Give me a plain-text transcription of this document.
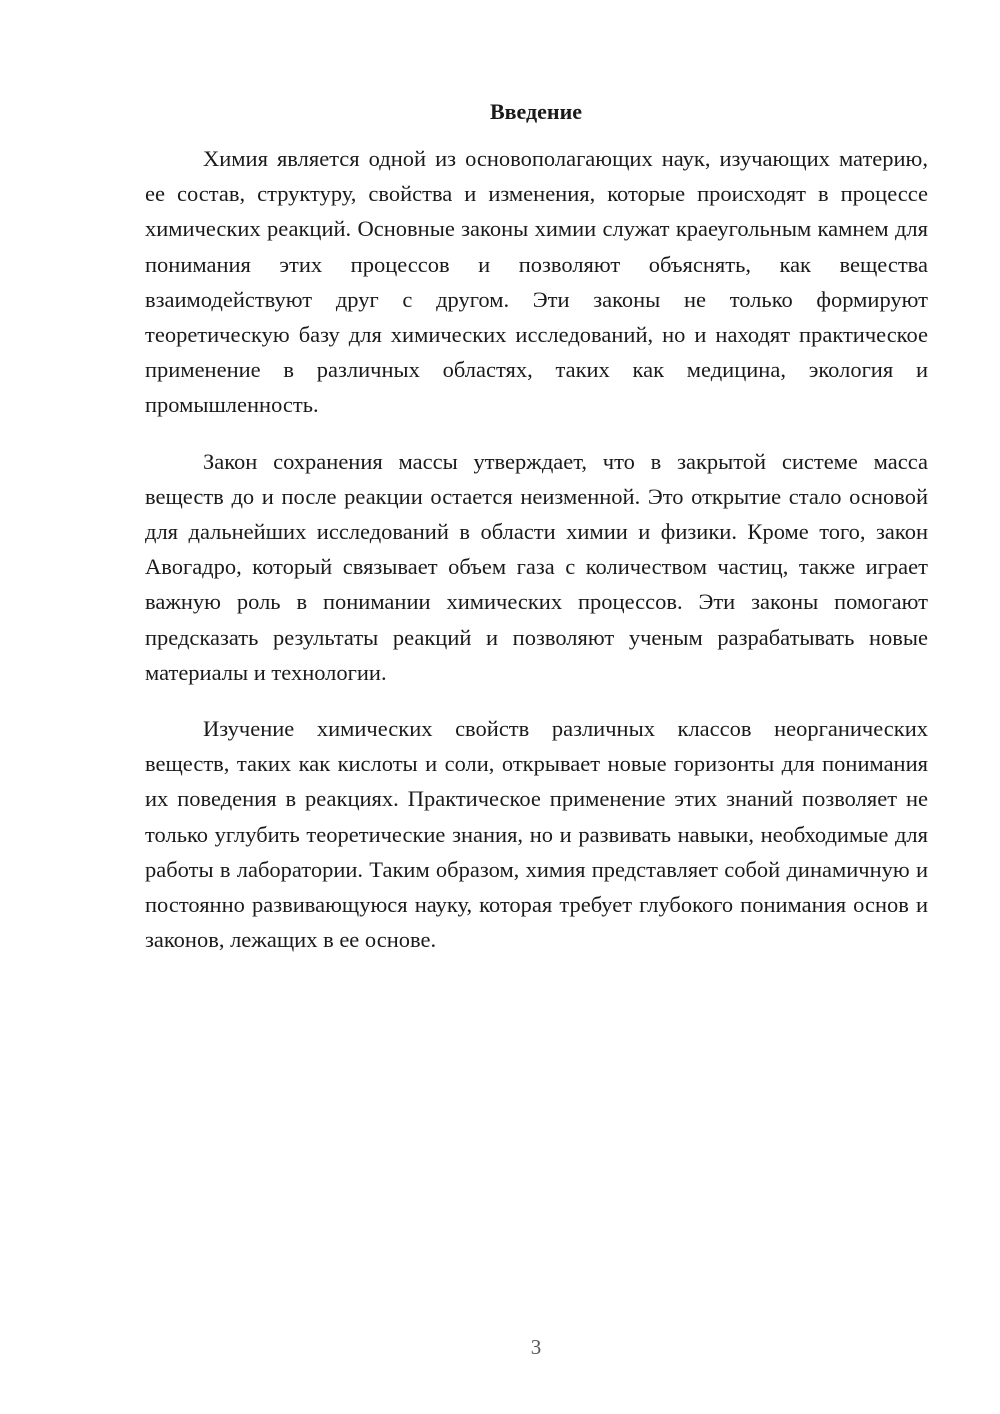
Введение

Химия является одной из основополагающих наук, изучающих материю, ее состав, структуру, свойства и изменения, которые происходят в процессе химических реакций. Основные законы химии служат краеугольным камнем для понимания этих процессов и позволяют объяснять, как вещества взаимодействуют друг с другом. Эти законы не только формируют теоретическую базу для химических исследований, но и находят практическое применение в различных областях, таких как медицина, экология и промышленность.

Закон сохранения массы утверждает, что в закрытой системе масса веществ до и после реакции остается неизменной. Это открытие стало основой для дальнейших исследований в области химии и физики. Кроме того, закон Авогадро, который связывает объем газа с количеством частиц, также играет важную роль в понимании химических процессов. Эти законы помогают предсказать результаты реакций и позволяют ученым разрабатывать новые материалы и технологии.

Изучение химических свойств различных классов неорганических веществ, таких как кислоты и соли, открывает новые горизонты для понимания их поведения в реакциях. Практическое применение этих знаний позволяет не только углубить теоретические знания, но и развивать навыки, необходимые для работы в лаборатории. Таким образом, химия представляет собой динамичную и постоянно развивающуюся науку, которая требует глубокого понимания основ и законов, лежащих в ее основе.

3
